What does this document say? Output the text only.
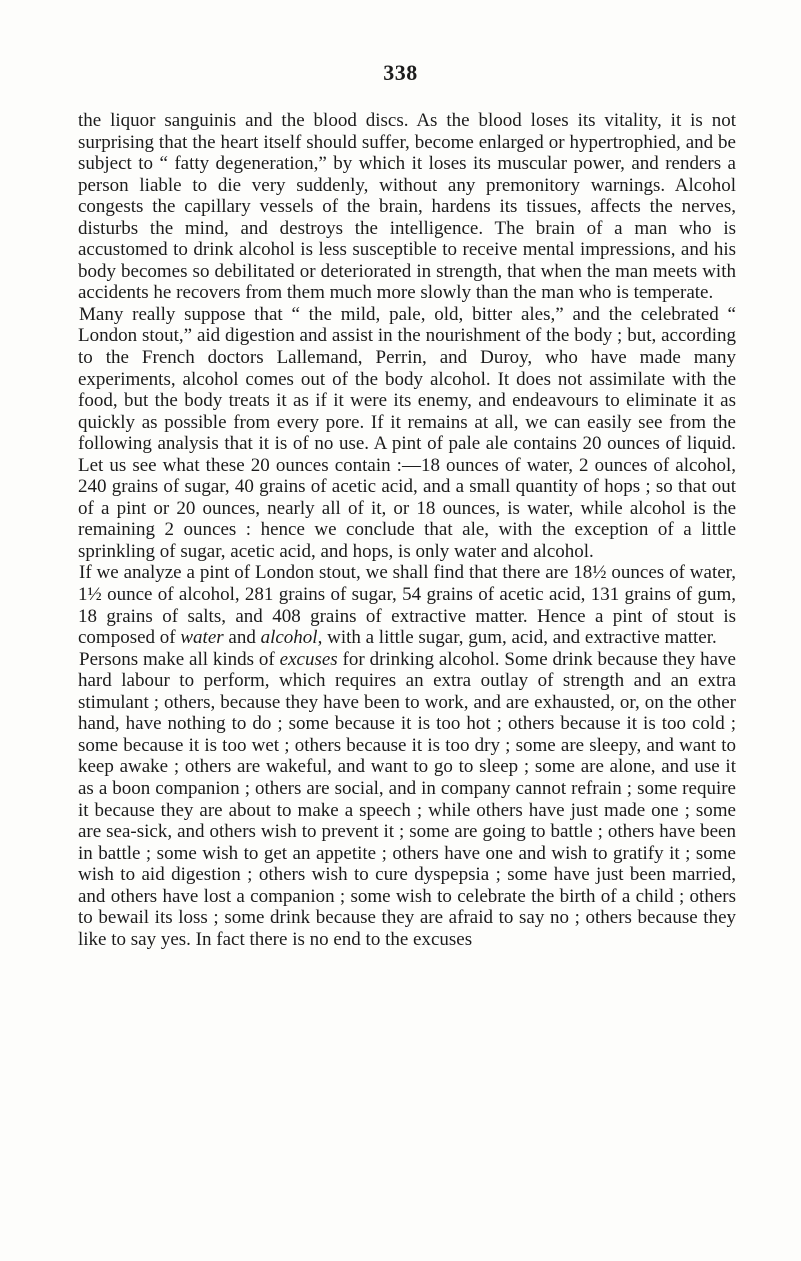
338

the liquor sanguinis and the blood discs. As the blood loses its vitality, it is not surprising that the heart itself should suffer, become enlarged or hypertrophied, and be subject to “ fatty degeneration,” by which it loses its muscular power, and renders a person liable to die very suddenly, without any premonitory warnings. Alcohol congests the capillary vessels of the brain, hardens its tissues, affects the nerves, disturbs the mind, and destroys the intelligence. The brain of a man who is accustomed to drink alcohol is less susceptible to receive mental impressions, and his body becomes so debilitated or deteriorated in strength, that when the man meets with accidents he recovers from them much more slowly than the man who is temperate.

Many really suppose that “ the mild, pale, old, bitter ales,” and the celebrated “ London stout,” aid digestion and assist in the nourishment of the body ; but, according to the French doctors Lallemand, Perrin, and Duroy, who have made many experiments, alcohol comes out of the body alcohol. It does not assimilate with the food, but the body treats it as if it were its enemy, and endeavours to eliminate it as quickly as possible from every pore. If it remains at all, we can easily see from the following analysis that it is of no use. A pint of pale ale contains 20 ounces of liquid. Let us see what these 20 ounces contain :—18 ounces of water, 2 ounces of alcohol, 240 grains of sugar, 40 grains of acetic acid, and a small quantity of hops ; so that out of a pint or 20 ounces, nearly all of it, or 18 ounces, is water, while alcohol is the remaining 2 ounces : hence we conclude that ale, with the exception of a little sprinkling of sugar, acetic acid, and hops, is only water and alcohol.

If we analyze a pint of London stout, we shall find that there are 18½ ounces of water, 1½ ounce of alcohol, 281 grains of sugar, 54 grains of acetic acid, 131 grains of gum, 18 grains of salts, and 408 grains of extractive matter. Hence a pint of stout is composed of water and alcohol, with a little sugar, gum, acid, and extractive matter.

Persons make all kinds of excuses for drinking alcohol. Some drink because they have hard labour to perform, which requires an extra outlay of strength and an extra stimulant ; others, because they have been to work, and are exhausted, or, on the other hand, have nothing to do ; some because it is too hot ; others because it is too cold ; some because it is too wet ; others because it is too dry ; some are sleepy, and want to keep awake ; others are wakeful, and want to go to sleep ; some are alone, and use it as a boon companion ; others are social, and in company cannot refrain ; some require it because they are about to make a speech ; while others have just made one ; some are sea-sick, and others wish to prevent it ; some are going to battle ; others have been in battle ; some wish to get an appetite ; others have one and wish to gratify it ; some wish to aid digestion ; others wish to cure dyspepsia ; some have just been married, and others have lost a companion ; some wish to celebrate the birth of a child ; others to bewail its loss ; some drink because they are afraid to say no ; others because they like to say yes. In fact there is no end to the excuses
